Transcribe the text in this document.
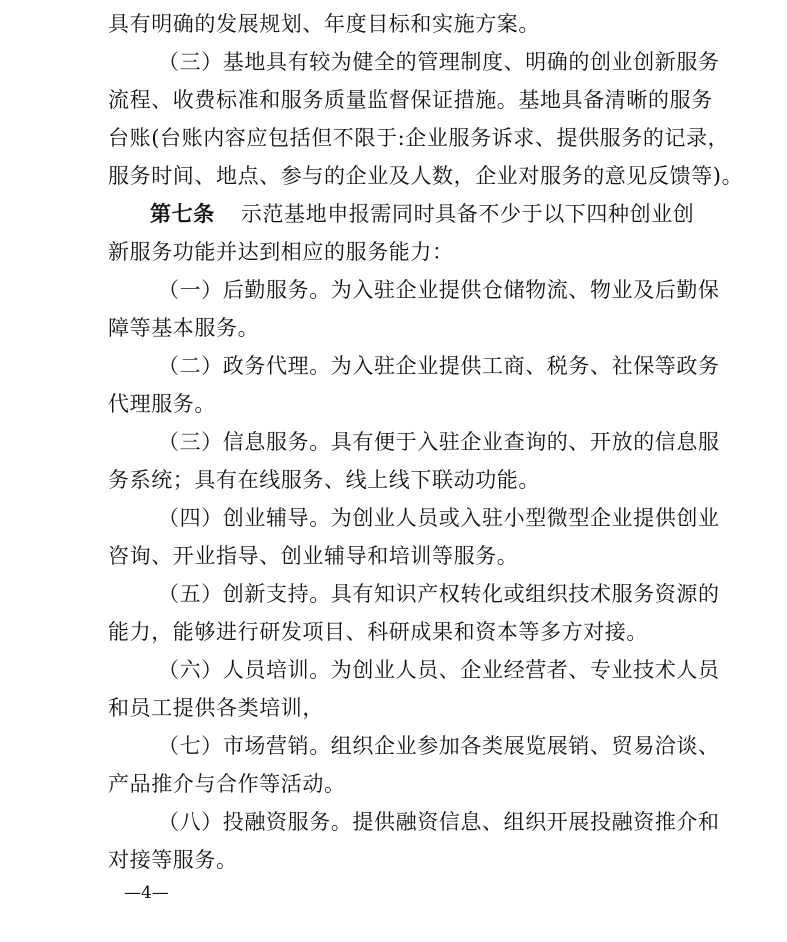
具有明确的发展规划、年度目标和实施方案。
（三）基地具有较为健全的管理制度、明确的创业创新服务
流程、收费标准和服务质量监督保证措施。基地具备清晰的服务
台账(台账内容应包括但不限于:企业服务诉求、提供服务的记录，
服务时间、地点、参与的企业及人数，企业对服务的意见反馈等)。
第七条 示范基地申报需同时具备不少于以下四种创业创
新服务功能并达到相应的服务能力：
（一）后勤服务。为入驻企业提供仓储物流、物业及后勤保
障等基本服务。
（二）政务代理。为入驻企业提供工商、税务、社保等政务
代理服务。
（三）信息服务。具有便于入驻企业查询的、开放的信息服
务系统；具有在线服务、线上线下联动功能。
（四）创业辅导。为创业人员或入驻小型微型企业提供创业
咨询、开业指导、创业辅导和培训等服务。
（五）创新支持。具有知识产权转化或组织技术服务资源的
能力，能够进行研发项目、科研成果和资本等多方对接。
（六）人员培训。为创业人员、企业经营者、专业技术人员
和员工提供各类培训，
（七）市场营销。组织企业参加各类展览展销、贸易洽谈、
产品推介与合作等活动。
（八）投融资服务。提供融资信息、组织开展投融资推介和
对接等服务。
—4—
